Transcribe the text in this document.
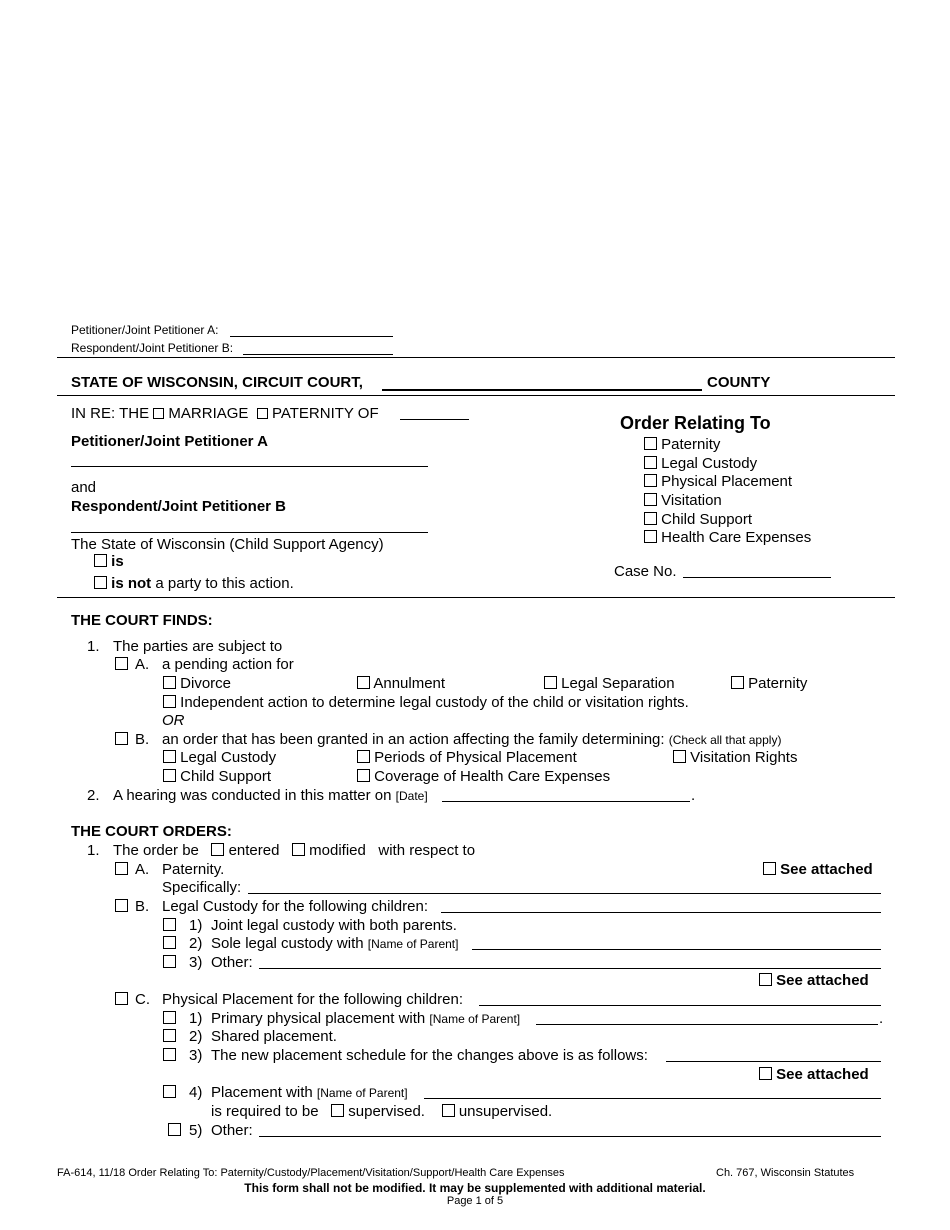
Petitioner/Joint Petitioner A:
Respondent/Joint Petitioner B:
STATE OF WISCONSIN, CIRCUIT COURT,	COUNTY
IN RE: THE MARRIAGE PATERNITY OF
Petitioner/Joint Petitioner A
and
Respondent/Joint Petitioner B
The State of Wisconsin (Child Support Agency)
is
is not a party to this action.
Order Relating To
Paternity
Legal Custody
Physical Placement
Visitation
Child Support
Health Care Expenses
Case No.
THE COURT FINDS:
1. The parties are subject to
A. a pending action for
Divorce	Annulment	Legal Separation	Paternity
Independent action to determine legal custody of the child or visitation rights.
OR
B. an order that has been granted in an action affecting the family determining: (Check all that apply)
Legal Custody	Periods of Physical Placement	Visitation Rights
Child Support	Coverage of Health Care Expenses
2. A hearing was conducted in this matter on [Date]	.
THE COURT ORDERS:
1. The order be entered modified with respect to
A. Paternity.	See attached
Specifically:
B. Legal Custody for the following children:
1) Joint legal custody with both parents.
2) Sole legal custody with [Name of Parent]
3) Other:
See attached
C. Physical Placement for the following children:
1) Primary physical placement with [Name of Parent]	.
2) Shared placement.
3) The new placement schedule for the changes above is as follows:
See attached
4) Placement with [Name of Parent]
is required to be supervised. unsupervised.
5) Other:
FA-614, 11/18 Order Relating To: Paternity/Custody/Placement/Visitation/Support/Health Care Expenses	Ch. 767, Wisconsin Statutes
This form shall not be modified. It may be supplemented with additional material.
Page 1 of 5
